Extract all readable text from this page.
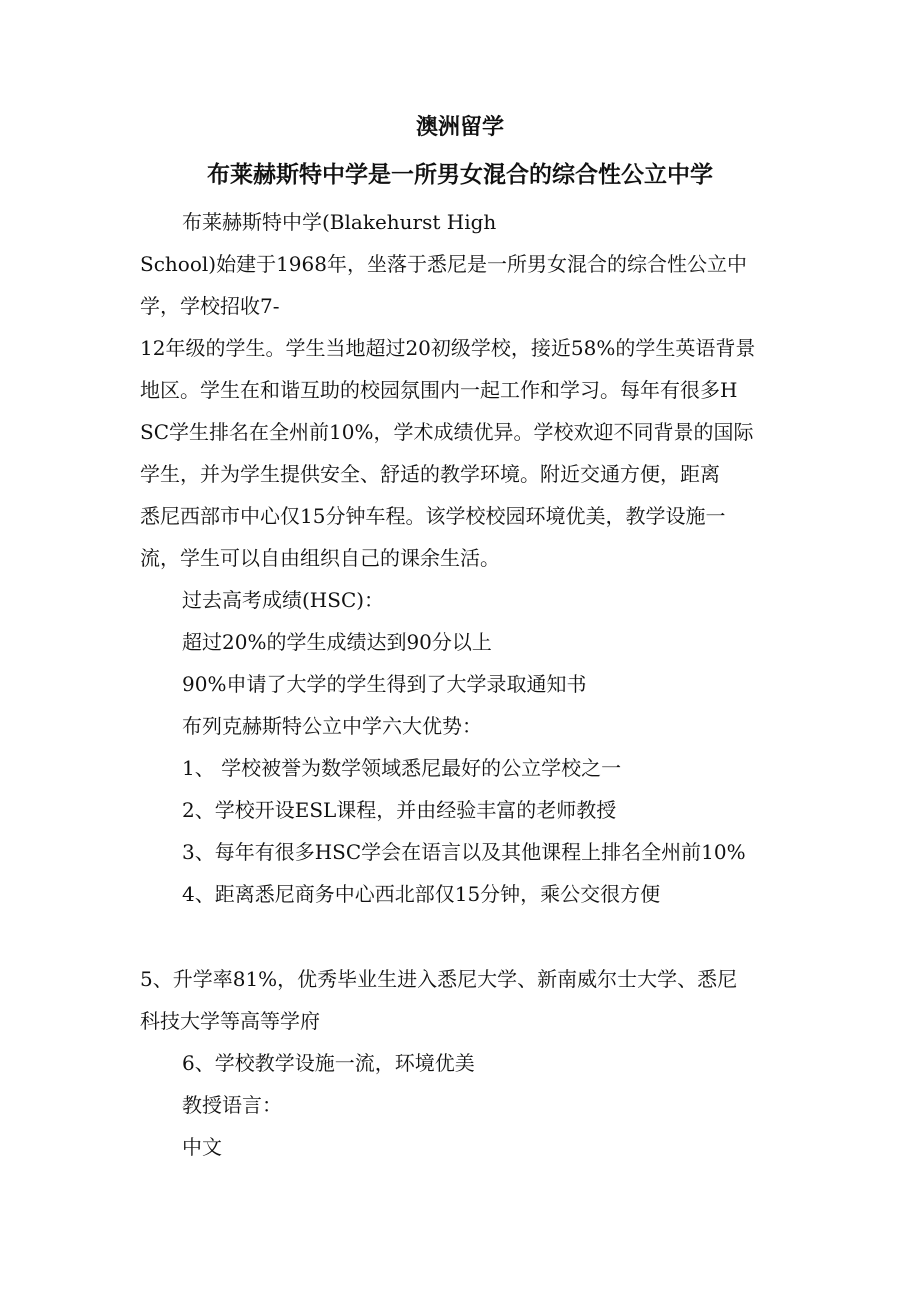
澳洲留学
布莱赫斯特中学是一所男女混合的综合性公立中学
布莱赫斯特中学(Blakehurst High
School)始建于1968年，坐落于悉尼是一所男女混合的综合性公立中
学，学校招收7-
12年级的学生。学生当地超过20初级学校，接近58%的学生英语背景
地区。学生在和谐互助的校园氛围内一起工作和学习。每年有很多H
SC学生排名在全州前10%，学术成绩优异。学校欢迎不同背景的国际
学生，并为学生提供安全、舒适的教学环境。附近交通方便，距离
悉尼西部市中心仅15分钟车程。该学校校园环境优美，教学设施一
流，学生可以自由组织自己的课余生活。
过去高考成绩(HSC)：
超过20%的学生成绩达到90分以上
90%申请了大学的学生得到了大学录取通知书
布列克赫斯特公立中学六大优势：
1、 学校被誉为数学领域悉尼最好的公立学校之一
2、学校开设ESL课程，并由经验丰富的老师教授
3、每年有很多HSC学会在语言以及其他课程上排名全州前10%
4、距离悉尼商务中心西北部仅15分钟，乘公交很方便
5、升学率81%，优秀毕业生进入悉尼大学、新南威尔士大学、悉尼
科技大学等高等学府
6、学校教学设施一流，环境优美
教授语言：
中文
